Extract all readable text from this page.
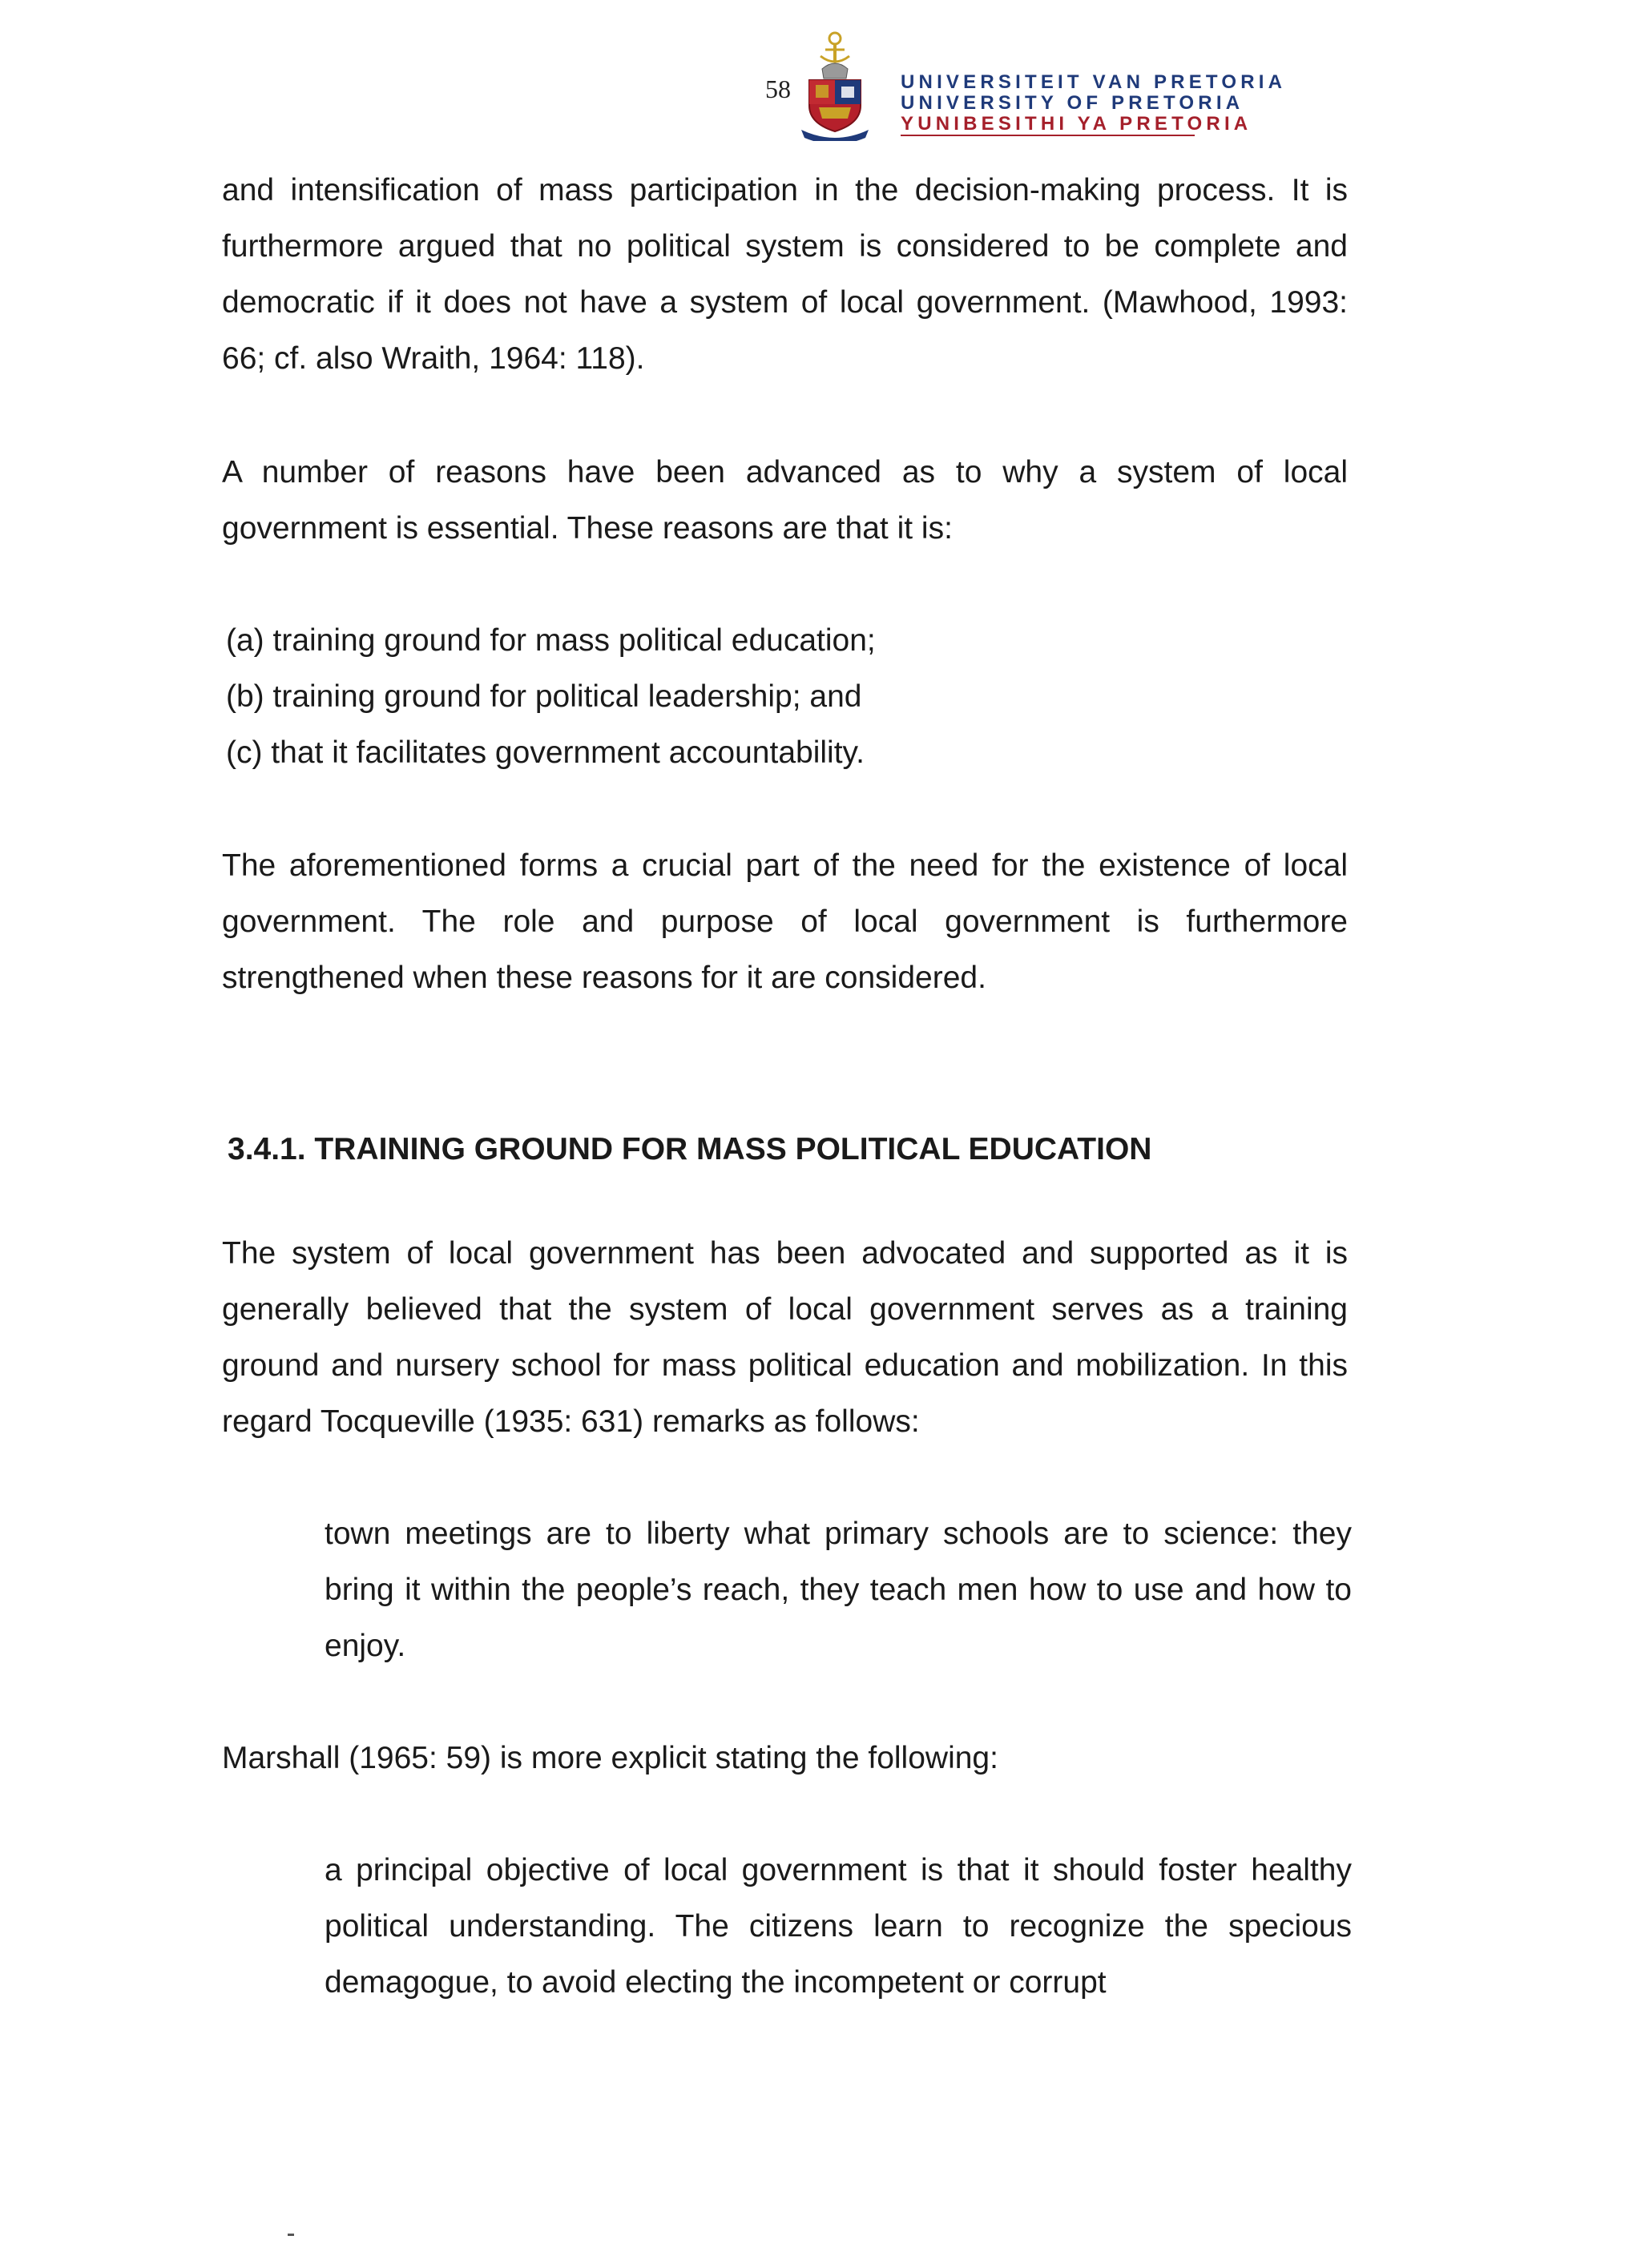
58	UNIVERSITEIT VAN PRETORIA
UNIVERSITY OF PRETORIA
YUNIBESITHI YA PRETORIA

and intensification of mass participation in the decision-making process. It is furthermore argued that no political system is considered to be complete and democratic if it does not have a system of local government. (Mawhood, 1993: 66; cf. also Wraith, 1964: 118).

A number of reasons have been advanced as to why a system of local government is essential. These reasons are that it is:

(a) training ground for mass political education;
(b) training ground for political leadership; and
(c) that it facilitates government accountability.

The aforementioned forms a crucial part of the need for the existence of local government. The role and purpose of local government is furthermore strengthened when these reasons for it are considered.

3.4.1. TRAINING GROUND FOR MASS POLITICAL EDUCATION

The system of local government has been advocated and supported as it is generally believed that the system of local government serves as a training ground and nursery school for mass political education and mobilization. In this regard Tocqueville (1935: 631) remarks as follows:

town meetings are to liberty what primary schools are to science: they bring it within the people’s reach, they teach men how to use and how to enjoy.

Marshall (1965: 59) is more explicit stating the following:

a principal objective of local government is that it should foster healthy political understanding. The citizens learn to recognize the specious demagogue, to avoid electing the incompetent or corrupt
